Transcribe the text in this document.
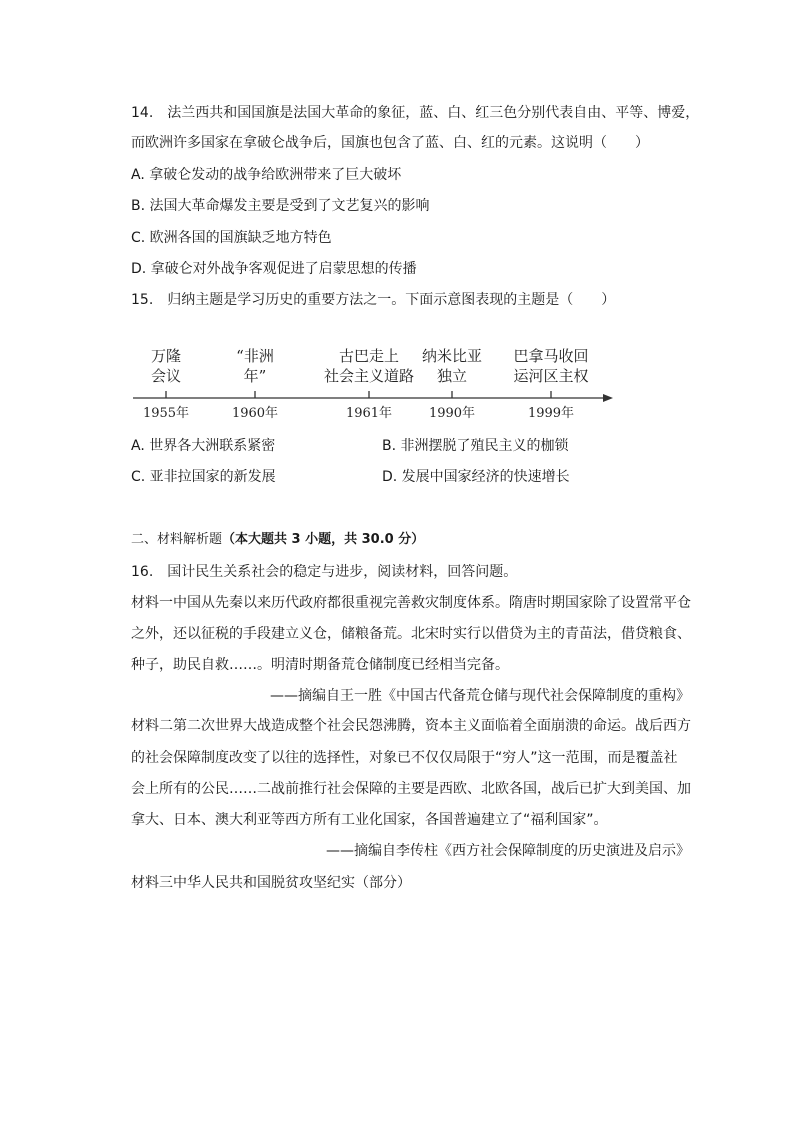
14.　法兰西共和国国旗是法国大革命的象征，蓝、白、红三色分别代表自由、平等、博爱，
而欧洲许多国家在拿破仑战争后，国旗也包含了蓝、白、红的元素。这说明（　　）
A. 拿破仑发动的战争给欧洲带来了巨大破坏
B. 法国大革命爆发主要是受到了文艺复兴的影响
C. 欧洲各国的国旗缺乏地方特色
D. 拿破仑对外战争客观促进了启蒙思想的传播
15.　归纳主题是学习历史的重要方法之一。下面示意图表现的主题是（　　）
万隆
会议
1955年
“非洲
年”
1960年
古巴走上
社会主义道路
1961年
纳米比亚
独立
1990年
巴拿马收回
运河区主权
1999年
A. 世界各大洲联系紧密	B. 非洲摆脱了殖民主义的枷锁
C. 亚非拉国家的新发展	D. 发展中国家经济的快速增长
二、材料解析题（本大题共 3 小题，共 30.0 分）
16.　国计民生关系社会的稳定与进步，阅读材料，回答问题。
材料一中国从先秦以来历代政府都很重视完善救灾制度体系。隋唐时期国家除了设置常平仓
之外，还以征税的手段建立义仓，储粮备荒。北宋时实行以借贷为主的青苗法，借贷粮食、
种子，助民自救……。明清时期备荒仓储制度已经相当完备。
——摘编自王一胜《中国古代备荒仓储与现代社会保障制度的重构》
材料二第二次世界大战造成整个社会民怨沸腾，资本主义面临着全面崩溃的命运。战后西方
的社会保障制度改变了以往的选择性，对象已不仅仅局限于“穷人”这一范围，而是覆盖社
会上所有的公民……二战前推行社会保障的主要是西欧、北欧各国，战后已扩大到美国、加
拿大、日本、澳大利亚等西方所有工业化国家，各国普遍建立了“福利国家”。
——摘编自李传柱《西方社会保障制度的历史演进及启示》
材料三中华人民共和国脱贫攻坚纪实（部分）
